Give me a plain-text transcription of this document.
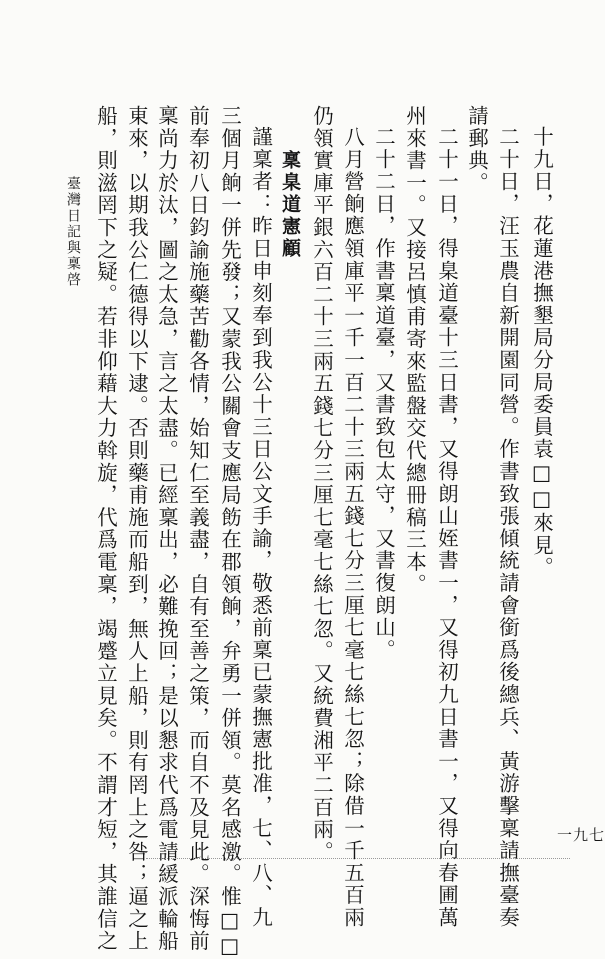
十九日，花蓮港撫墾局分局委員袁□□來見。
二十日，汪玉農自新開園同營。作書致張傾統請會銜爲後總兵、黃游擊稟請撫臺奏
請郵典。
二十一日，得臬道臺十三日書，又得朗山姪書一，又得初九日書一，又得向春圃萬
州來書一。又接呂慎甫寄來監盤交代總冊稿三本。
二十二日，作書稟道臺，又書致包太守，又書復朗山。
八月營餉應領庫平一千一百二十三兩五錢七分三厘七毫七絲七忽；除借一千五百兩
仍領實庫平銀六百二十三兩五錢七分三厘七毫七絲七忽。又統費湘平二百兩。
稟臬道憲顧
謹稟者：昨日申刻奉到我公十三日公文手諭，敬悉前稟已蒙撫憲批准，七、八、九
三個月餉一併先發；又蒙我公關會支應局飭在郡領餉，弁勇一併領。莫名感激。惟□□
前奉初八日鈞諭施藥苦勸各情，始知仁至義盡，自有至善之策，而自不及見此。深悔前
稟尚力於汰，圖之太急，言之太盡。已經稟出，必難挽回；是以懇求代爲電請緩派輪船
東來，以期我公仁德得以下逮。否則藥甫施而船到，無人上船，則有罔上之咎；逼之上
船，則滋罔下之疑。若非仰藉大力斡旋，代爲電稟，竭蹙立見矣。不謂才短，其誰信之
臺灣日記與稟啓
一九七
